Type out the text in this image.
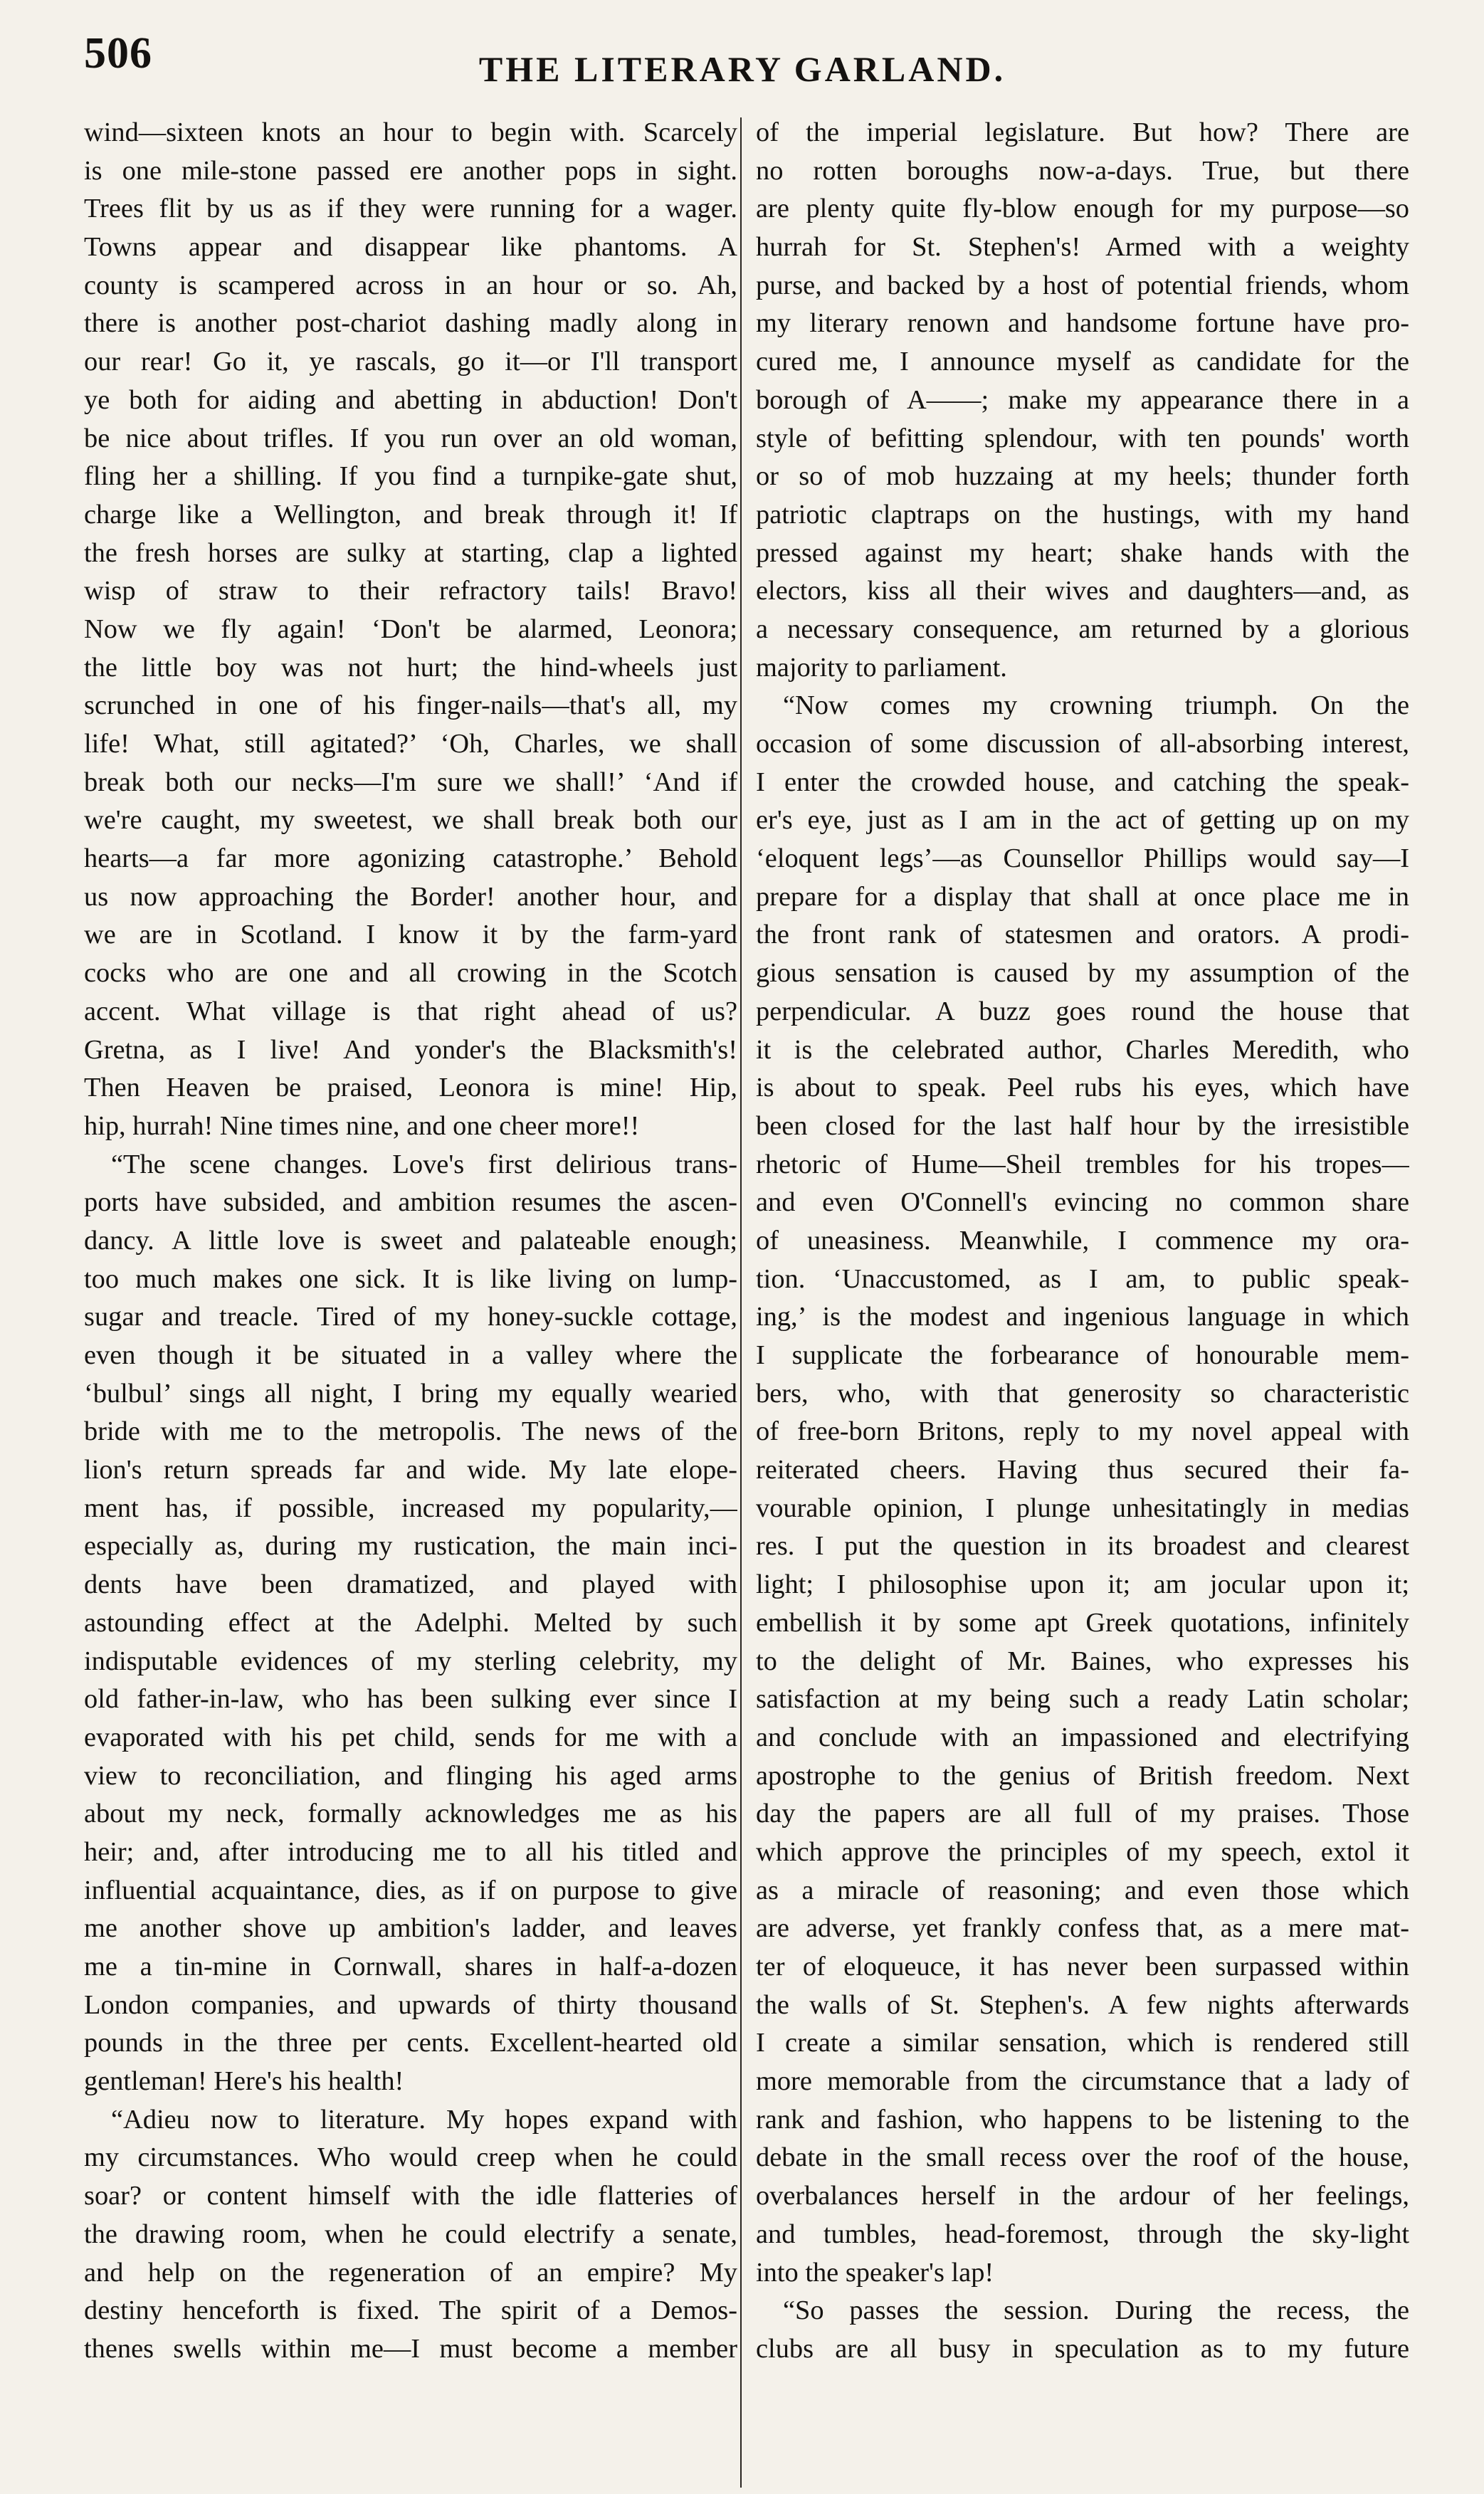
506	THE LITERARY GARLAND.
wind—sixteen knots an hour to begin with. Scarcely
is one mile-stone passed ere another pops in sight.
Trees flit by us as if they were running for a wager.
Towns appear and disappear like phantoms. A
county is scampered across in an hour or so. Ah,
there is another post-chariot dashing madly along in
our rear! Go it, ye rascals, go it—or I'll transport
ye both for aiding and abetting in abduction! Don't
be nice about trifles. If you run over an old woman,
fling her a shilling. If you find a turnpike-gate shut,
charge like a Wellington, and break through it! If
the fresh horses are sulky at starting, clap a lighted
wisp of straw to their refractory tails! Bravo!
Now we fly again! ‘Don't be alarmed, Leonora;
the little boy was not hurt; the hind-wheels just
scrunched in one of his finger-nails—that's all, my
life! What, still agitated?’ ‘Oh, Charles, we shall
break both our necks—I'm sure we shall!’ ‘And if
we're caught, my sweetest, we shall break both our
hearts—a far more agonizing catastrophe.’ Behold
us now approaching the Border! another hour, and
we are in Scotland. I know it by the farm-yard
cocks who are one and all crowing in the Scotch
accent. What village is that right ahead of us?
Gretna, as I live! And yonder's the Blacksmith's!
Then Heaven be praised, Leonora is mine! Hip,
hip, hurrah! Nine times nine, and one cheer more!!
“The scene changes. Love's first delirious trans-
ports have subsided, and ambition resumes the ascen-
dancy. A little love is sweet and palateable enough;
too much makes one sick. It is like living on lump-
sugar and treacle. Tired of my honey-suckle cottage,
even though it be situated in a valley where the
‘bulbul’ sings all night, I bring my equally wearied
bride with me to the metropolis. The news of the
lion's return spreads far and wide. My late elope-
ment has, if possible, increased my popularity,—
especially as, during my rustication, the main inci-
dents have been dramatized, and played with
astounding effect at the Adelphi. Melted by such
indisputable evidences of my sterling celebrity, my
old father-in-law, who has been sulking ever since I
evaporated with his pet child, sends for me with a
view to reconciliation, and flinging his aged arms
about my neck, formally acknowledges me as his
heir; and, after introducing me to all his titled and
influential acquaintance, dies, as if on purpose to give
me another shove up ambition's ladder, and leaves
me a tin-mine in Cornwall, shares in half-a-dozen
London companies, and upwards of thirty thousand
pounds in the three per cents. Excellent-hearted old
gentleman! Here's his health!
“Adieu now to literature. My hopes expand with
my circumstances. Who would creep when he could
soar? or content himself with the idle flatteries of
the drawing room, when he could electrify a senate,
and help on the regeneration of an empire? My
destiny henceforth is fixed. The spirit of a Demos-
thenes swells within me—I must become a member
of the imperial legislature. But how? There are
no rotten boroughs now-a-days. True, but there
are plenty quite fly-blow enough for my purpose—so
hurrah for St. Stephen's! Armed with a weighty
purse, and backed by a host of potential friends, whom
my literary renown and handsome fortune have pro-
cured me, I announce myself as candidate for the
borough of A——; make my appearance there in a
style of befitting splendour, with ten pounds' worth
or so of mob huzzaing at my heels; thunder forth
patriotic claptraps on the hustings, with my hand
pressed against my heart; shake hands with the
electors, kiss all their wives and daughters—and, as
a necessary consequence, am returned by a glorious
majority to parliament.
“Now comes my crowning triumph. On the
occasion of some discussion of all-absorbing interest,
I enter the crowded house, and catching the speak-
er's eye, just as I am in the act of getting up on my
‘eloquent legs’—as Counsellor Phillips would say—I
prepare for a display that shall at once place me in
the front rank of statesmen and orators. A prodi-
gious sensation is caused by my assumption of the
perpendicular. A buzz goes round the house that
it is the celebrated author, Charles Meredith, who
is about to speak. Peel rubs his eyes, which have
been closed for the last half hour by the irresistible
rhetoric of Hume—Sheil trembles for his tropes—
and even O'Connell's evincing no common share
of uneasiness. Meanwhile, I commence my ora-
tion. ‘Unaccustomed, as I am, to public speak-
ing,’ is the modest and ingenious language in which
I supplicate the forbearance of honourable mem-
bers, who, with that generosity so characteristic
of free-born Britons, reply to my novel appeal with
reiterated cheers. Having thus secured their fa-
vourable opinion, I plunge unhesitatingly in medias
res. I put the question in its broadest and clearest
light; I philosophise upon it; am jocular upon it;
embellish it by some apt Greek quotations, infinitely
to the delight of Mr. Baines, who expresses his
satisfaction at my being such a ready Latin scholar;
and conclude with an impassioned and electrifying
apostrophe to the genius of British freedom. Next
day the papers are all full of my praises. Those
which approve the principles of my speech, extol it
as a miracle of reasoning; and even those which
are adverse, yet frankly confess that, as a mere mat-
ter of eloqueuce, it has never been surpassed within
the walls of St. Stephen's. A few nights afterwards
I create a similar sensation, which is rendered still
more memorable from the circumstance that a lady of
rank and fashion, who happens to be listening to the
debate in the small recess over the roof of the house,
overbalances herself in the ardour of her feelings,
and tumbles, head-foremost, through the sky-light
into the speaker's lap!
“So passes the session. During the recess, the
clubs are all busy in speculation as to my future
